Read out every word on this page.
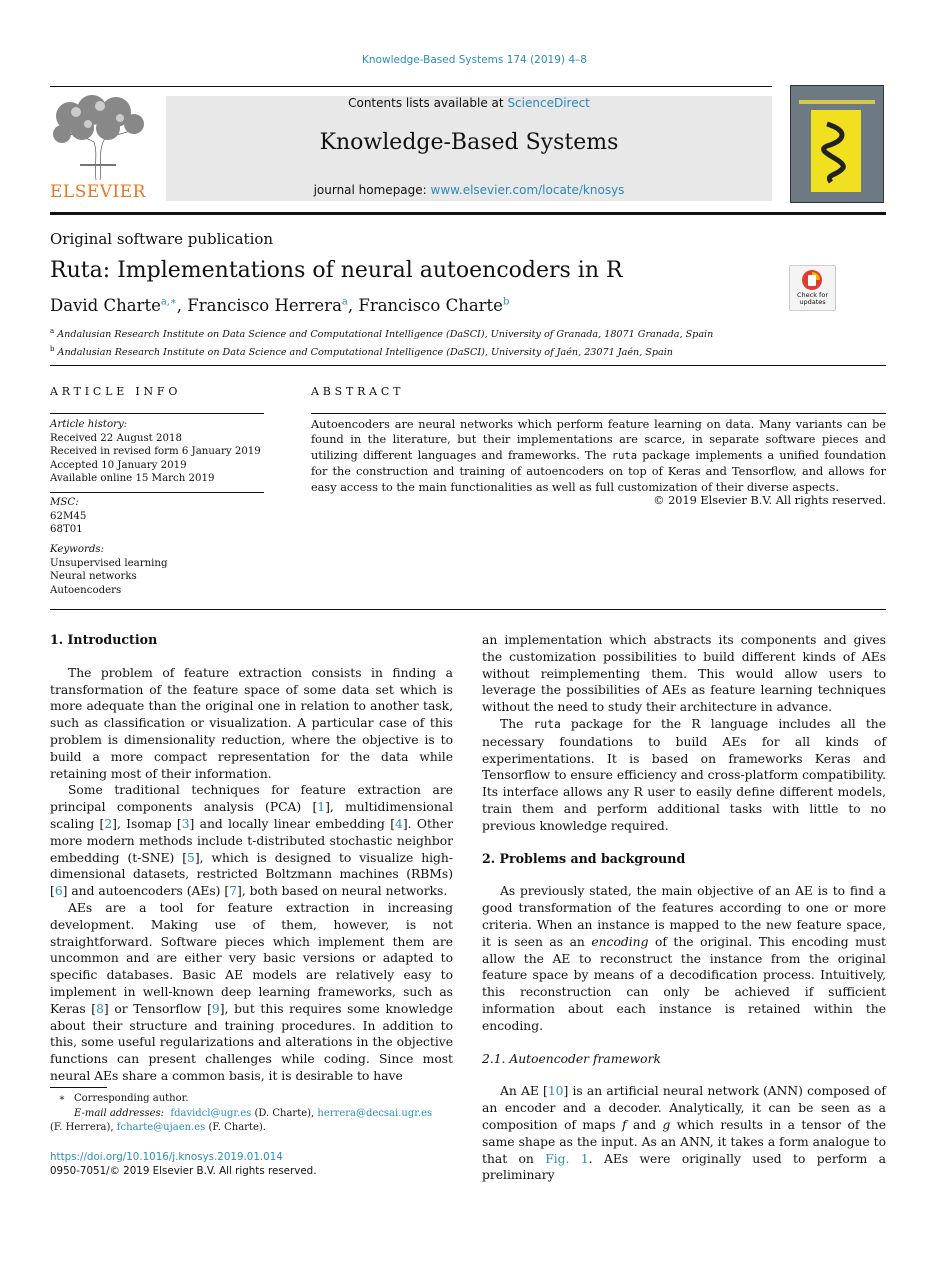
Knowledge-Based Systems 174 (2019) 4–8
ELSEVIER
Contents lists available at ScienceDirect
Knowledge-Based Systems
journal homepage: www.elsevier.com/locate/knosys
Original software publication
Ruta: Implementations of neural autoencoders in R
David Charte$^{a,∗}$, Francisco Herrera$^a$, Francisco Charte$^b$
Check for updates
$^a$ Andalusian Research Institute on Data Science and Computational Intelligence (DaSCI), University of Granada, 18071 Granada, Spain
$^b$ Andalusian Research Institute on Data Science and Computational Intelligence (DaSCI), University of Jaén, 23071 Jaén, Spain
ARTICLE INFO
Article history:
Received 22 August 2018
Received in revised form 6 January 2019
Accepted 10 January 2019
Available online 15 March 2019
MSC:
62M45
68T01
Keywords:
Unsupervised learning
Neural networks
Autoencoders
ABSTRACT
Autoencoders are neural networks which perform feature learning on data. Many variants can be found in the literature, but their implementations are scarce, in separate software pieces and utilizing different languages and frameworks. The ruta package implements a unified foundation for the construction and training of autoencoders on top of Keras and Tensorflow, and allows for easy access to the main functionalities as well as full customization of their diverse aspects.
© 2019 Elsevier B.V. All rights reserved.
1. Introduction

The problem of feature extraction consists in finding a transformation of the feature space of some data set which is more adequate than the original one in relation to another task, such as classification or visualization. A particular case of this problem is dimensionality reduction, where the objective is to build a more compact representation for the data while retaining most of their information.

Some traditional techniques for feature extraction are principal components analysis (PCA) [1], multidimensional scaling [2], Isomap [3] and locally linear embedding [4]. Other more modern methods include t-distributed stochastic neighbor embedding (t-SNE) [5], which is designed to visualize high-dimensional datasets, restricted Boltzmann machines (RBMs) [6] and autoencoders (AEs) [7], both based on neural networks.

AEs are a tool for feature extraction in increasing development. Making use of them, however, is not straightforward. Software pieces which implement them are uncommon and are either very basic versions or adapted to specific databases. Basic AE models are relatively easy to implement in well-known deep learning frameworks, such as Keras [8] or Tensorflow [9], but this requires some knowledge about their structure and training procedures. In addition to this, some useful regularizations and alterations in the objective functions can present challenges while coding. Since most neural AEs share a common basis, it is desirable to have

an implementation which abstracts its components and gives the customization possibilities to build different kinds of AEs without reimplementing them. This would allow users to leverage the possibilities of AEs as feature learning techniques without the need to study their architecture in advance.

The ruta package for the R language includes all the necessary foundations to build AEs for all kinds of experimentations. It is based on frameworks Keras and Tensorflow to ensure efficiency and cross-platform compatibility. Its interface allows any R user to easily define different models, train them and perform additional tasks with little to no previous knowledge required.

2. Problems and background

As previously stated, the main objective of an AE is to find a good transformation of the features according to one or more criteria. When an instance is mapped to the new feature space, it is seen as an encoding of the original. This encoding must allow the AE to reconstruct the instance from the original feature space by means of a decodification process. Intuitively, this reconstruction can only be achieved if sufficient information about each instance is retained within the encoding.

2.1. Autoencoder framework

An AE [10] is an artificial neural network (ANN) composed of an encoder and a decoder. Analytically, it can be seen as a composition of maps f and g which results in a tensor of the same shape as the input. As an ANN, it takes a form analogue to that on Fig. 1. AEs were originally used to perform a preliminary

∗ Corresponding author.
E-mail addresses: fdavidcl@ugr.es (D. Charte), herrera@decsai.ugr.es
(F. Herrera), fcharte@ujaen.es (F. Charte).
https://doi.org/10.1016/j.knosys.2019.01.014
0950-7051/© 2019 Elsevier B.V. All rights reserved.
